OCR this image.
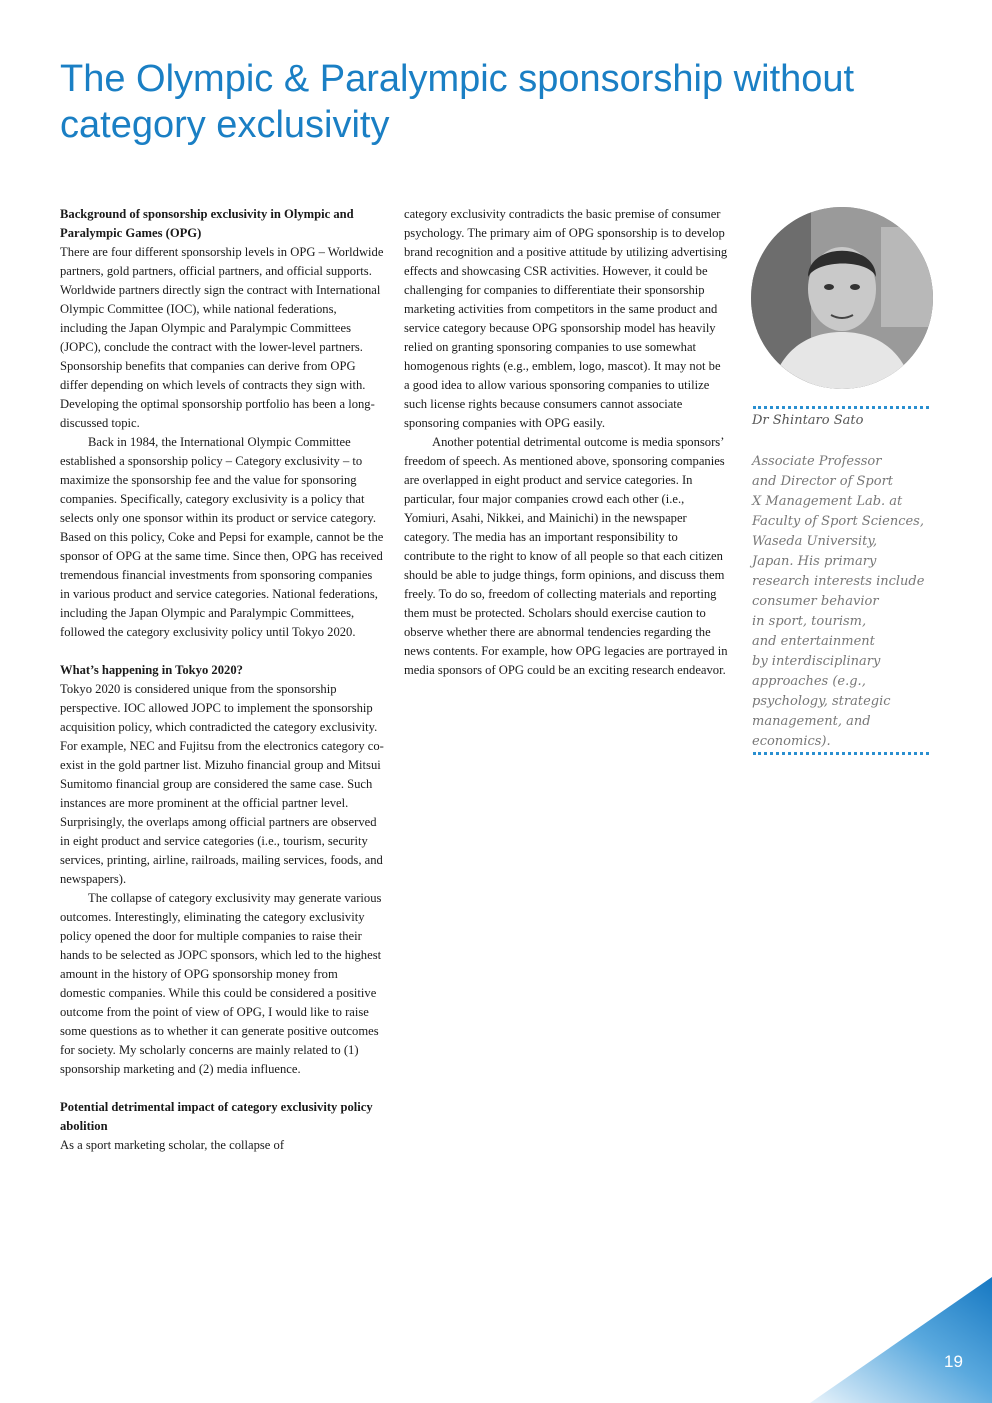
The Olympic & Paralympic sponsorship without category exclusivity
Background of sponsorship exclusivity in Olympic and Paralympic Games (OPG)

There are four different sponsorship levels in OPG – Worldwide partners, gold partners, official partners, and official supports. Worldwide partners directly sign the contract with International Olympic Committee (IOC), while national federations, including the Japan Olympic and Paralympic Committees (JOPC), conclude the contract with the lower-level partners. Sponsorship benefits that companies can derive from OPG differ depending on which levels of contracts they sign with. Developing the optimal sponsorship portfolio has been a long-discussed topic.

Back in 1984, the International Olympic Committee established a sponsorship policy – Category exclusivity – to maximize the sponsorship fee and the value for sponsoring companies. Specifically, category exclusivity is a policy that selects only one sponsor within its product or service category. Based on this policy, Coke and Pepsi for example, cannot be the sponsor of OPG at the same time. Since then, OPG has received tremendous financial investments from sponsoring companies in various product and service categories. National federations, including the Japan Olympic and Paralympic Committees, followed the category exclusivity policy until Tokyo 2020.

What’s happening in Tokyo 2020?

Tokyo 2020 is considered unique from the sponsorship perspective. IOC allowed JOPC to implement the sponsorship acquisition policy, which contradicted the category exclusivity. For example, NEC and Fujitsu from the electronics category co-exist in the gold partner list. Mizuho financial group and Mitsui Sumitomo financial group are considered the same case. Such instances are more prominent at the official partner level. Surprisingly, the overlaps among official partners are observed in eight product and service categories (i.e., tourism, security services, printing, airline, railroads, mailing services, foods, and newspapers).

The collapse of category exclusivity may generate various outcomes. Interestingly, eliminating the category exclusivity policy opened the door for multiple companies to raise their hands to be selected as JOPC sponsors, which led to the highest amount in the history of OPG sponsorship money from domestic companies. While this could be considered a positive outcome from the point of view of OPG, I would like to raise some questions as to whether it can generate positive outcomes for society. My scholarly concerns are mainly related to (1) sponsorship marketing and (2) media influence.

Potential detrimental impact of category exclusivity policy abolition

As a sport marketing scholar, the collapse of

category exclusivity contradicts the basic premise of consumer psychology. The primary aim of OPG sponsorship is to develop brand recognition and a positive attitude by utilizing advertising effects and showcasing CSR activities. However, it could be challenging for companies to differentiate their sponsorship marketing activities from competitors in the same product and service category because OPG sponsorship model has heavily relied on granting sponsoring companies to use somewhat homogenous rights (e.g., emblem, logo, mascot). It may not be a good idea to allow various sponsoring companies to utilize such license rights because consumers cannot associate sponsoring companies with OPG easily.

Another potential detrimental outcome is media sponsors’ freedom of speech. As mentioned above, sponsoring companies are overlapped in eight product and service categories. In particular, four major companies crowd each other (i.e., Yomiuri, Asahi, Nikkei, and Mainichi) in the newspaper category. The media has an important responsibility to contribute to the right to know of all people so that each citizen should be able to judge things, form opinions, and discuss them freely. To do so, freedom of collecting materials and reporting them must be protected. Scholars should exercise caution to observe whether there are abnormal tendencies regarding the news contents. For example, how OPG legacies are portrayed in media sponsors of OPG could be an exciting research endeavor.

Dr Shintaro Sato
Associate Professor
and Director of Sport
X Management Lab. at
Faculty of Sport Sciences,
Waseda University,
Japan. His primary
research interests include
consumer behavior
in sport, tourism,
and entertainment
by interdisciplinary
approaches (e.g.,
psychology, strategic
management, and
economics).
19
